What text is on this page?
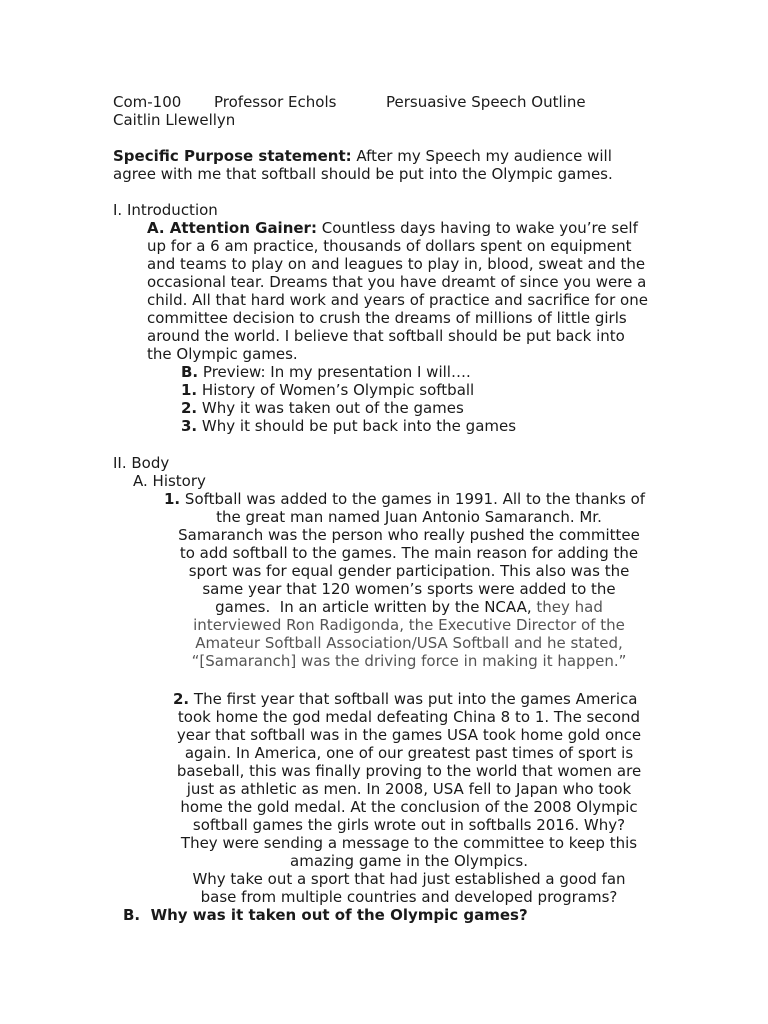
Com-100 Professor Echols	Persuasive Speech Outline
Caitlin Llewellyn
Specific Purpose statement: After my Speech my audience will
agree with me that softball should be put into the Olympic games.
I. Introduction
A. Attention Gainer: Countless days having to wake you’re self
up for a 6 am practice, thousands of dollars spent on equipment
and teams to play on and leagues to play in, blood, sweat and the
occasional tear. Dreams that you have dreamt of since you were a
child. All that hard work and years of practice and sacrifice for one
committee decision to crush the dreams of millions of little girls
around the world. I believe that softball should be put back into
the Olympic games.
B. Preview: In my presentation I will….
1. History of Women’s Olympic softball
2. Why it was taken out of the games
3. Why it should be put back into the games
II. Body
A. History
1. Softball was added to the games in 1991. All to the thanks of
the great man named Juan Antonio Samaranch. Mr.
Samaranch was the person who really pushed the committee
to add softball to the games. The main reason for adding the
sport was for equal gender participation. This also was the
same year that 120 women’s sports were added to the
games.  In an article written by the NCAA, they had
interviewed Ron Radigonda, the Executive Director of the
Amateur Softball Association/USA Softball and he stated,
“[Samaranch] was the driving force in making it happen.”
2. The first year that softball was put into the games America
took home the god medal defeating China 8 to 1. The second
year that softball was in the games USA took home gold once
again. In America, one of our greatest past times of sport is
baseball, this was finally proving to the world that women are
just as athletic as men. In 2008, USA fell to Japan who took
home the gold medal. At the conclusion of the 2008 Olympic
softball games the girls wrote out in softballs 2016. Why?
They were sending a message to the committee to keep this
amazing game in the Olympics.
Why take out a sport that had just established a good fan
base from multiple countries and developed programs?
B.  Why was it taken out of the Olympic games?
